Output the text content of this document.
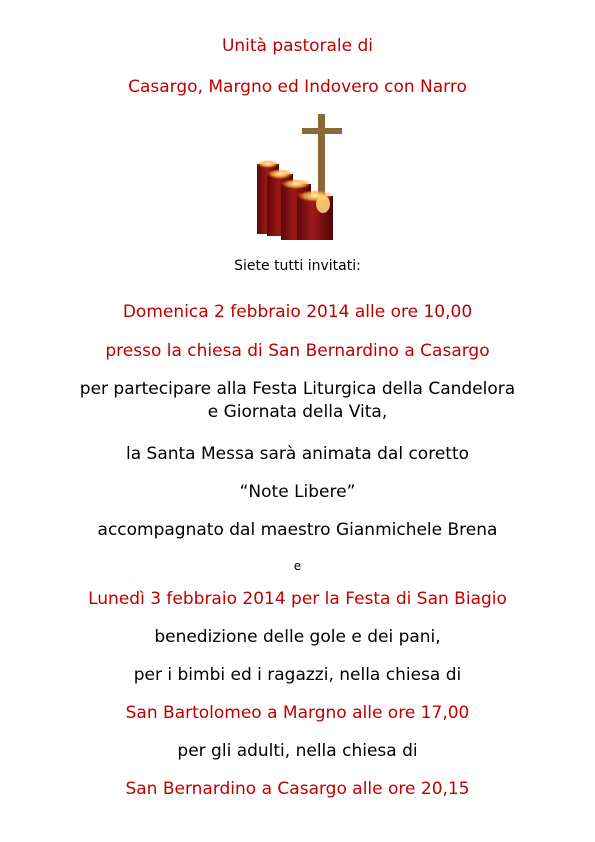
Unità pastorale di
Casargo, Margno ed Indovero con Narro
Siete tutti invitati:
Domenica 2 febbraio 2014 alle ore 10,00
presso la chiesa di San Bernardino a Casargo
per partecipare alla Festa Liturgica della Candelora
e Giornata della Vita,
la Santa Messa sarà animata dal coretto
“Note Libere”
accompagnato dal maestro Gianmichele Brena
e
Lunedì 3 febbraio 2014 per la Festa di San Biagio
benedizione delle gole e dei pani,
per i bimbi ed i ragazzi, nella chiesa di
San Bartolomeo a Margno alle ore 17,00
per gli adulti, nella chiesa di
San Bernardino a Casargo alle ore 20,15
